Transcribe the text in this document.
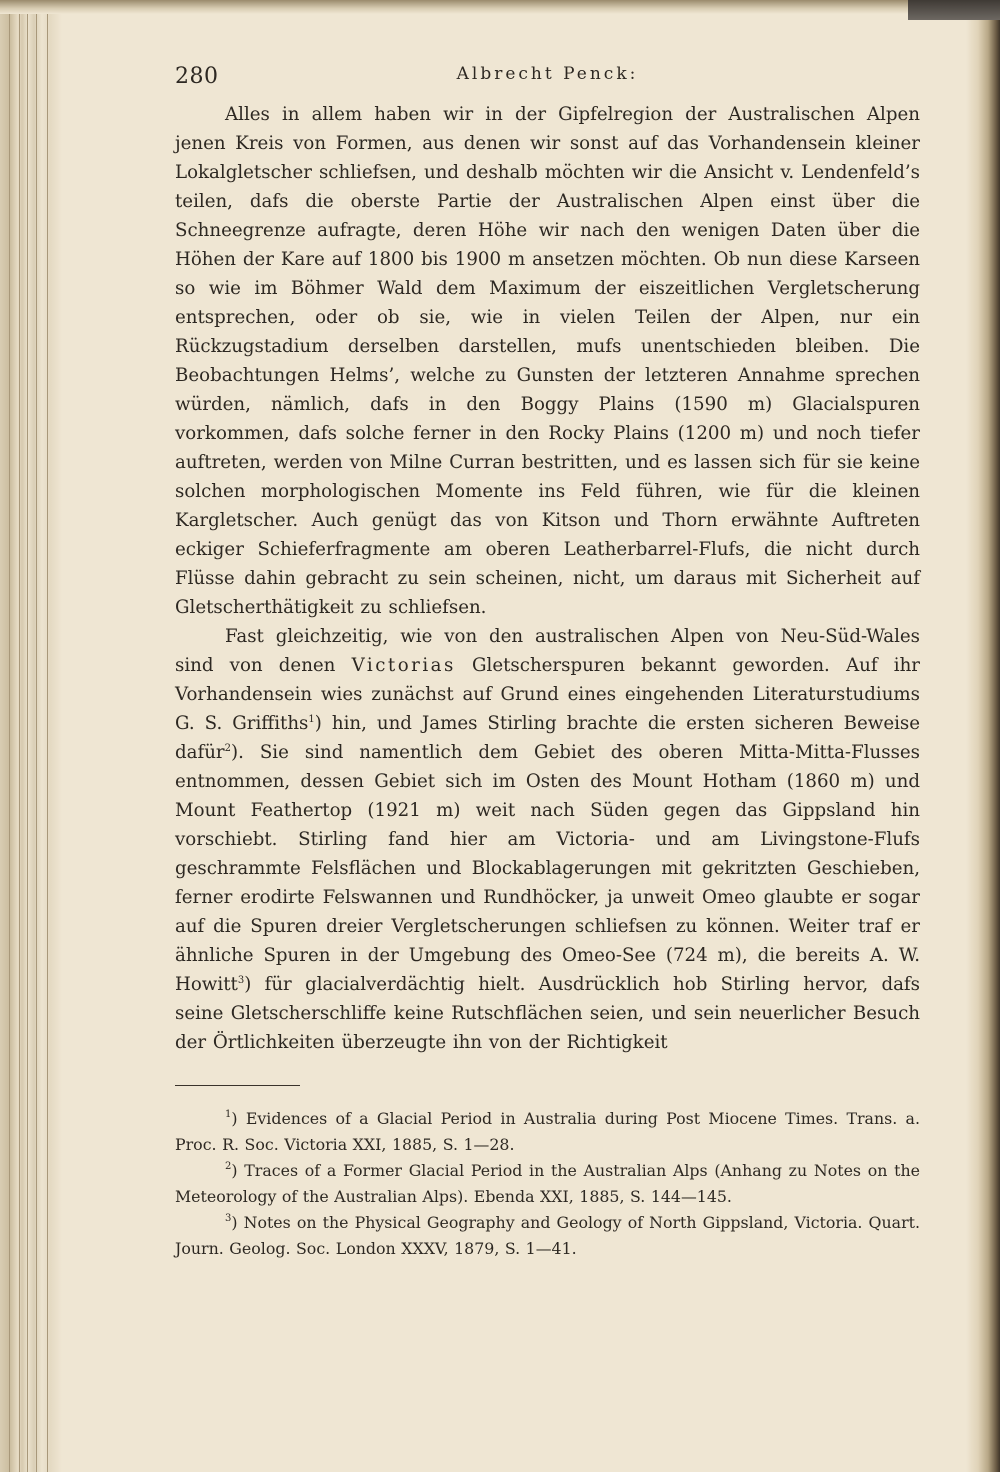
280	Albrecht Penck:

Alles in allem haben wir in der Gipfelregion der Australischen Alpen jenen Kreis von Formen, aus denen wir sonst auf das Vorhandensein kleiner Lokalgletscher schliefsen, und deshalb möchten wir die Ansicht v. Lendenfeld’s teilen, dafs die oberste Partie der Australischen Alpen einst über die Schneegrenze aufragte, deren Höhe wir nach den wenigen Daten über die Höhen der Kare auf 1800 bis 1900 m ansetzen möchten. Ob nun diese Karseen so wie im Böhmer Wald dem Maximum der eiszeitlichen Vergletscherung entsprechen, oder ob sie, wie in vielen Teilen der Alpen, nur ein Rückzugstadium derselben darstellen, mufs unentschieden bleiben. Die Beobachtungen Helms’, welche zu Gunsten der letzteren Annahme sprechen würden, nämlich, dafs in den Boggy Plains (1590 m) Glacialspuren vorkommen, dafs solche ferner in den Rocky Plains (1200 m) und noch tiefer auftreten, werden von Milne Curran bestritten, und es lassen sich für sie keine solchen morphologischen Momente ins Feld führen, wie für die kleinen Kargletscher. Auch genügt das von Kitson und Thorn erwähnte Auftreten eckiger Schieferfragmente am oberen Leatherbarrel-Flufs, die nicht durch Flüsse dahin gebracht zu sein scheinen, nicht, um daraus mit Sicherheit auf Gletscherthätigkeit zu schliefsen.

Fast gleichzeitig, wie von den australischen Alpen von Neu-Süd-Wales sind von denen Victorias Gletscherspuren bekannt geworden. Auf ihr Vorhandensein wies zunächst auf Grund eines eingehenden Literaturstudiums G. S. Griffiths$^1$) hin, und James Stirling brachte die ersten sicheren Beweise dafür$^2$). Sie sind namentlich dem Gebiet des oberen Mitta-Mitta-Flusses entnommen, dessen Gebiet sich im Osten des Mount Hotham (1860 m) und Mount Feathertop (1921 m) weit nach Süden gegen das Gippsland hin vorschiebt. Stirling fand hier am Victoria- und am Livingstone-Flufs geschrammte Felsflächen und Blockablagerungen mit gekritzten Geschieben, ferner erodirte Felswannen und Rundhöcker, ja unweit Omeo glaubte er sogar auf die Spuren dreier Vergletscherungen schliefsen zu können. Weiter traf er ähnliche Spuren in der Umgebung des Omeo-See (724 m), die bereits A. W. Howitt$^3$) für glacialverdächtig hielt. Ausdrücklich hob Stirling hervor, dafs seine Gletscherschliffe keine Rutschflächen seien, und sein neuerlicher Besuch der Örtlichkeiten überzeugte ihn von der Richtigkeit

$^1$) Evidences of a Glacial Period in Australia during Post Miocene Times. Trans. a. Proc. R. Soc. Victoria XXI, 1885, S. 1—28.

$^2$) Traces of a Former Glacial Period in the Australian Alps (Anhang zu Notes on the Meteorology of the Australian Alps). Ebenda XXI, 1885, S. 144—145.

$^3$) Notes on the Physical Geography and Geology of North Gippsland, Victoria. Quart. Journ. Geolog. Soc. London XXXV, 1879, S. 1—41.
